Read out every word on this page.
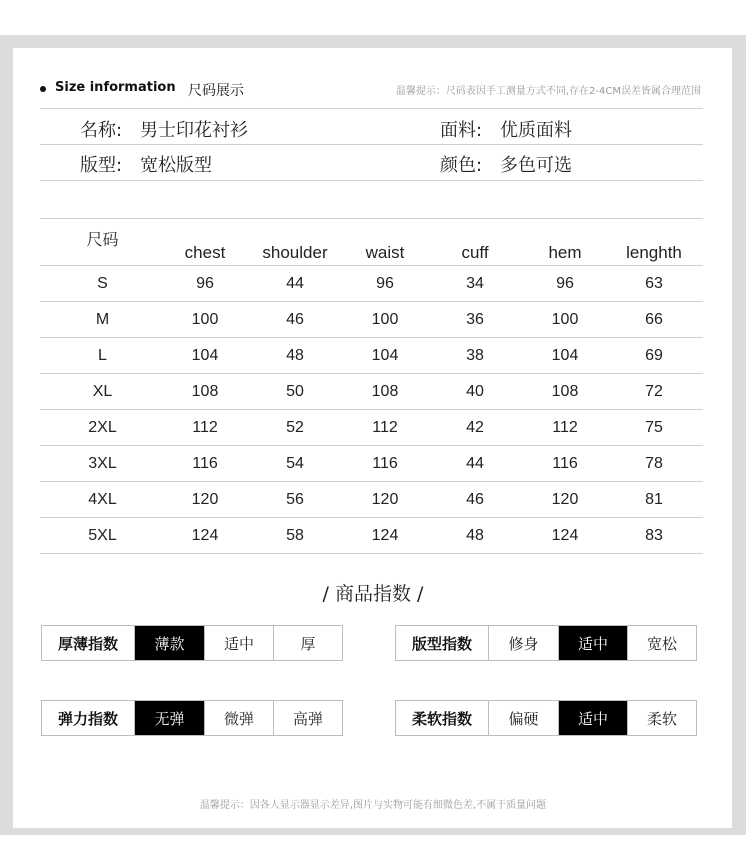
Size information 尺码展示	温馨提示：尺码表因手工测量方式不同,存在2-4CM误差皆属合理范围
名称: 男士印花衬衫	面料: 优质面料
版型: 宽松版型	颜色: 多色可选
尺码	chest	shoulder	waist	cuff	hem	lenghth
S	96	44	96	34	96	63
M	100	46	100	36	100	66
L	104	48	104	38	104	69
XL	108	50	108	40	108	72
2XL	112	52	112	42	112	75
3XL	116	54	116	44	116	78
4XL	120	56	120	46	120	81
5XL	124	58	124	48	124	83
/ 商品指数 /
厚薄指数	薄款	适中	厚	版型指数	修身	适中	宽松
弹力指数	无弹	微弹	高弹	柔软指数	偏硬	适中	柔软
温馨提示：因各人显示器显示差异,图片与实物可能有细微色差,不属于质量问题
